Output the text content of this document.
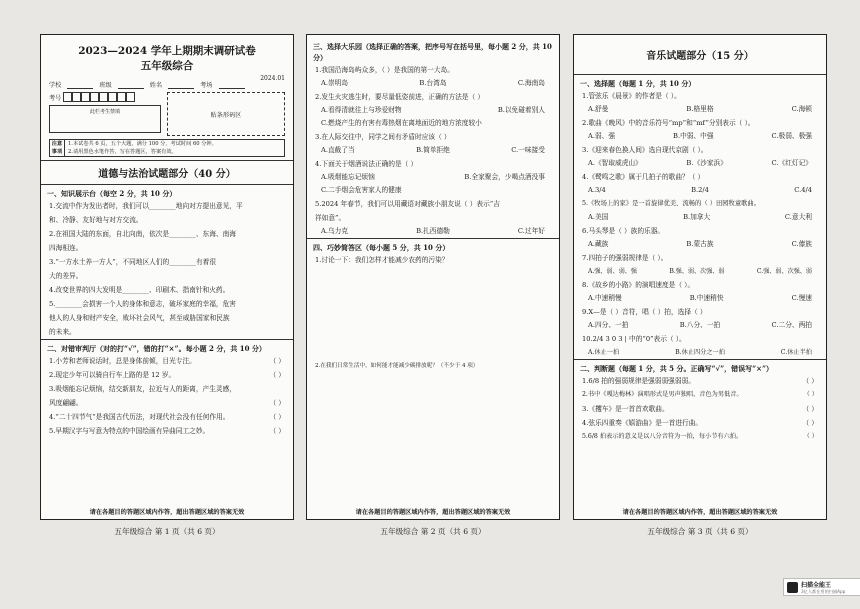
2023—2024 学年上期期末调研试卷
五年级综合
2024.01
学校	班级	姓名	考场
考号
此栏考生禁填	贴条形码区
注意事项
1.本试卷共 6 页，五个大题，满分 100 分，考试时间 60 分钟。
2.请用黑色水笔作答，写在答题区，答案有效。
道德与法治试题部分（40 分）
一、知识展示台（每空 2 分，共 10 分）
1.交流中作为发出者时，我们可以________地向对方提出意见，平
和、冷静、友好地与对方交流。
2.在祖国大陆的东面，自北向南，依次是________、东海、南海
四海相连。
3.“一方水土养一方人”，不同地区人们的________有着很
大的差异。
4.改变世界的四大发明是________、印刷术、指南针和火药。
5.________会损害一个人的身体和意志，破坏家庭的幸福，危害
他人的人身和财产安全，败坏社会风气，甚至威胁国家和民族
的未来。
二、对错审判厅（对的打“√”，错的打“×”。每小题 2 分，共 10 分）
1.小芳和老师说话时，总是身体前倾，目光专注。	（ ）
2.现定少年可以骑自行车上路的是 12 岁。	（ ）
3.吸烟能忘记烦恼，结交新朋友，拉近与人的距离，产生灵感，
风度翩翩。	（ ）
4.“二十四节气”是我国古代历法，对现代社会没有任何作用。	（ ）
5.早期汉字与写意为特点的中国绘画有异曲同工之妙。	（ ）
请在各题目的答题区域内作答，超出答题区域的答案无效
五年级综合 第 1 页（共 6 页）
三、选择大乐园（选择正确的答案，把序号写在括号里，每小题 2 分，共 10 分）
1.我国沿海岛屿众多，（ ）是我国的第一大岛。
A.崇明岛	B.台湾岛	C.海南岛
2.发生火灾逃生时，要尽量低姿前进，正确的方法是（ ）
A.看得清就往上与珍爱财物	B.以免碰着别人
C.燃烧产生的有害有毒热烟在离地面近的地方浓度较小
3.在人际交往中，同学之间有矛盾时应该（ ）
A.直截了当	B.简单拒绝	C.一味接受
4.下面关于烟酒说法正确的是（ ）
A.吸烟能忘记烦恼	B.全家聚会，少喝点酒没事
C.二手烟会危害家人的健康
5.2024 年春节，我们可以用藏语对藏族小朋友说（ ）表示“吉
祥如意”。
A.乌力克	B.扎西德勒	C.过年好
四、巧妙简答区（每小题 5 分，共 10 分）
1.讨论一下：我们怎样才能减少农药的污染？
2.在我们日常生活中，如何能才能减少碳排放呢？（不少于 4 项）
请在各题目的答题区域内作答，超出答题区域的答案无效
五年级综合 第 2 页（共 6 页）
音乐试题部分（15 分）
一、选择题（每题 1 分，共 10 分）
1.管弦乐《晨景》的作者是（ ）。
A.舒曼	B.格里格	C.海顿
2.歌曲《晚风》中的音乐符号“mp”和“mf”分别表示（ ）。
A.弱、强	B.中弱、中强	C.极弱、极强
3.《迎来春色换人间》选自现代京剧（ ）。
A.《智取威虎山》	B.《沙家浜》	C.《红灯记》
4.《鹭鸣之歌》属于几拍子的歌曲？（ ）
A.3/4	B.2/4	C.4/4
5.《牧场上的家》是一首旋律优美、流畅的（ ）田园牧童歌曲。
A.美国	B.加拿大	C.意大利
6.马头琴是（ ）族的乐器。
A.藏族	B.蒙古族	C.傣族
7.四拍子的强弱规律是（ ）。
A.强、弱、弱、强	B.强、弱、次强、弱	C.强、弱、次强、弱
8.《故乡的小路》的演唱速度是（ ）。
A.中速稍慢	B.中速稍快	C.慢速
9.X—是（ ）音符，唱（ ）拍，选择（ ）
A.四分、一拍	B.八分、一拍	C.二分、两拍
10.2/4 3 0 3 | 中的“0”表示（ ）。
A.休止一拍	B.休止四分之一拍	C.休止半拍
二、判断题（每题 1 分，共 5 分。正确写“√”，错误写“×”）
1.6/8 拍的强弱规律是强弱弱强弱弱。	（ ）
2.书中《嘎达梅林》演唱形式是男声独唱，音色为男低音。	（ ）
3.《攫车》是一首首欢歌曲。	（ ）
4.弦乐四重奏《嬉游曲》是一首进行曲。	（ ）
5.6/8 拍表示的意义是以八分音符为一拍，每小节有六拍。	（ ）
请在各题目的答题区域内作答，超出答题区域的答案无效
五年级综合 第 3 页（共 6 页）
扫描全能王
3亿人都在用的扫描App
